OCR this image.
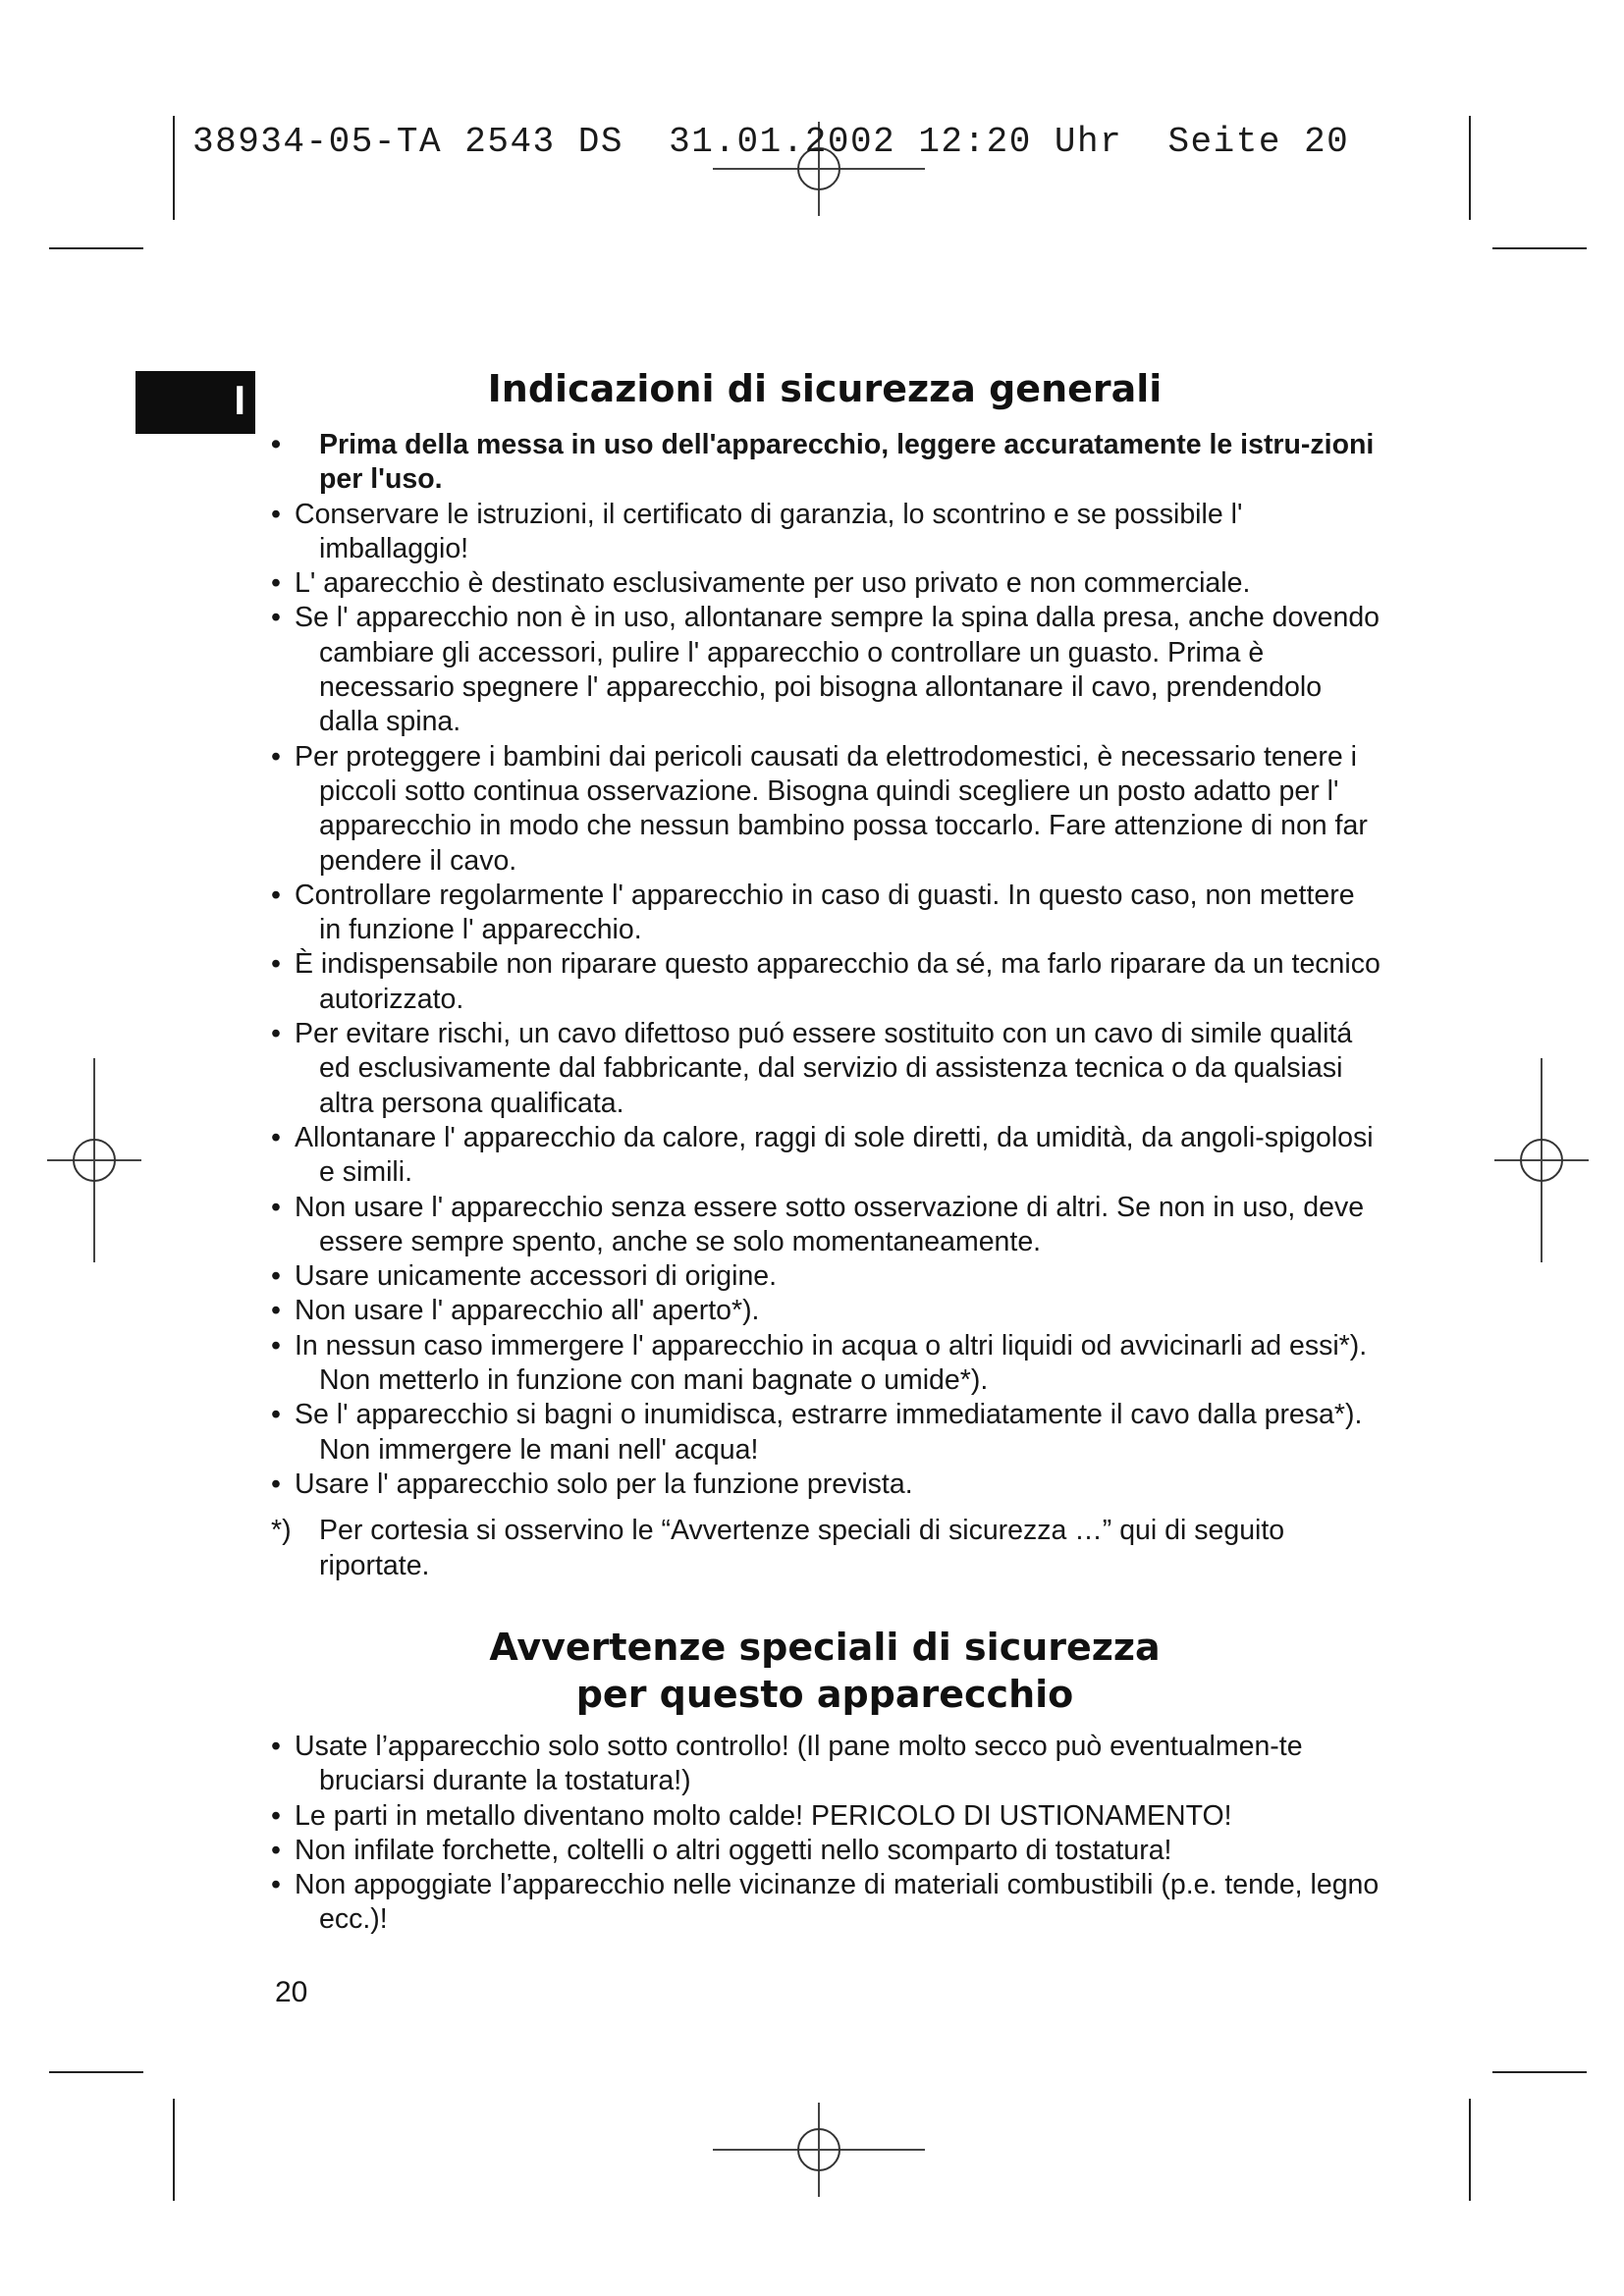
38934-05-TA 2543 DS  31.01.2002 12:20 Uhr  Seite 20
I	Indicazioni di sicurezza generali

• Prima della messa in uso dell'apparecchio, leggere accuratamente le istru-zioni per l'uso.

• Conservare le istruzioni, il certificato di garanzia, lo scontrino e se possibile l' imballaggio!

• L' aparecchio è destinato esclusivamente per uso privato e non commerciale.

• Se l' apparecchio non è in uso, allontanare sempre la spina dalla presa, anche dovendo cambiare gli accessori, pulire l' apparecchio o controllare un guasto. Prima è necessario spegnere l' apparecchio, poi bisogna allontanare il cavo, prendendolo dalla spina.

• Per proteggere i bambini dai pericoli causati da elettrodomestici, è necessario tenere i piccoli sotto continua osservazione. Bisogna quindi scegliere un posto adatto per l' apparecchio in modo che nessun bambino possa toccarlo. Fare attenzione di non far pendere il cavo.

• Controllare regolarmente l' apparecchio in caso di guasti. In questo caso, non mettere in funzione l' apparecchio.

• È indispensabile non riparare questo apparecchio da sé, ma farlo riparare da un tecnico autorizzato.

• Per evitare rischi, un cavo difettoso puó essere sostituito con un cavo di simile qualitá ed esclusivamente dal fabbricante, dal servizio di assistenza tecnica o da qualsiasi altra persona qualificata.

• Allontanare l' apparecchio da calore, raggi di sole diretti, da umidità, da angoli-spigolosi e simili.

• Non usare l' apparecchio senza essere sotto osservazione di altri. Se non in uso, deve essere sempre spento, anche se solo momentaneamente.

• Usare unicamente accessori di origine.

• Non usare l' apparecchio all' aperto*).

• In nessun caso immergere l' apparecchio in acqua o altri liquidi od avvicinarli ad essi*). Non metterlo in funzione con mani bagnate o umide*).

• Se l' apparecchio si bagni o inumidisca, estrarre immediatamente il cavo dalla presa*). Non immergere le mani nell' acqua!

• Usare l' apparecchio solo per la funzione prevista.

*) Per cortesia si osservino le “Avvertenze speciali di sicurezza …” qui di seguito riportate.

Avvertenze speciali di sicurezza
per questo apparecchio

• Usate l’apparecchio solo sotto controllo! (Il pane molto secco può eventualmen-te bruciarsi durante la tostatura!)

• Le parti in metallo diventano molto calde! PERICOLO DI USTIONAMENTO!

• Non infilate forchette, coltelli o altri oggetti nello scomparto di tostatura!

• Non appoggiate l’apparecchio nelle vicinanze di materiali combustibili (p.e. tende, legno ecc.)!

20
